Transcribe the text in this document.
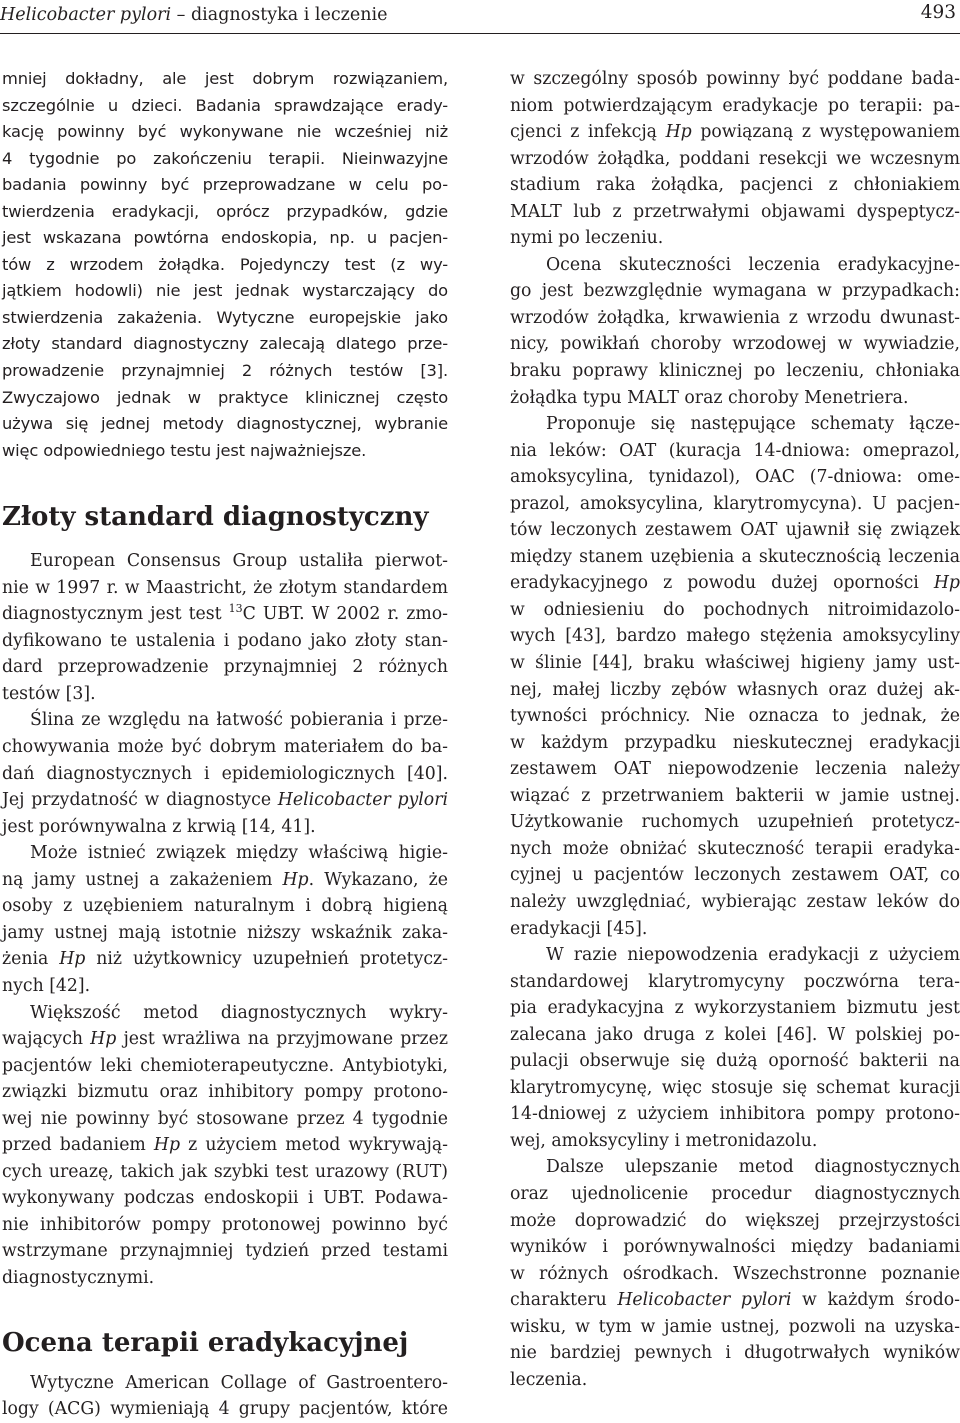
Helicobacter pylori – diagnostyka i leczenie	493
mniej dokładny, ale jest dobrym rozwiązaniem,
szczególnie u dzieci. Badania sprawdzające erady-
kację powinny być wykonywane nie wcześniej niż
4 tygodnie po zakończeniu terapii. Nieinwazyjne
badania powinny być przeprowadzane w celu po-
twierdzenia eradykacji, oprócz przypadków, gdzie
jest wskazana powtórna endoskopia, np. u pacjen-
tów z wrzodem żołądka. Pojedynczy test (z wy-
jątkiem hodowli) nie jest jednak wystarczający do
stwierdzenia zakażenia. Wytyczne europejskie jako
złoty standard diagnostyczny zalecają dlatego prze-
prowadzenie przynajmniej 2 różnych testów [3].
Zwyczajowo jednak w praktyce klinicznej często
używa się jednej metody diagnostycznej, wybranie
więc odpowiedniego testu jest najważniejsze.
Złoty standard diagnostyczny
European Consensus Group ustaliła pierwot-
nie w 1997 r. w Maastricht, że złotym standardem
diagnostycznym jest test $^{13}$C UBT. W 2002 r. zmo-
dyfikowano te ustalenia i podano jako złoty stan-
dard przeprowadzenie przynajmniej 2 różnych
testów [3].
Ślina ze względu na łatwość pobierania i prze-
chowywania może być dobrym materiałem do ba-
dań diagnostycznych i epidemiologicznych [40].
Jej przydatność w diagnostyce Helicobacter pylori
jest porównywalna z krwią [14, 41].
Może istnieć związek między właściwą higie-
ną jamy ustnej a zakażeniem Hp. Wykazano, że
osoby z uzębieniem naturalnym i dobrą higieną
jamy ustnej mają istotnie niższy wskaźnik zaka-
żenia Hp niż użytkownicy uzupełnień protetycz-
nych [42].
Większość metod diagnostycznych wykry-
wających Hp jest wrażliwa na przyjmowane przez
pacjentów leki chemioterapeutyczne. Antybiotyki,
związki bizmutu oraz inhibitory pompy protono-
wej nie powinny być stosowane przez 4 tygodnie
przed badaniem Hp z użyciem metod wykrywają-
cych ureazę, takich jak szybki test urazowy (RUT)
wykonywany podczas endoskopii i UBT. Podawa-
nie inhibitorów pompy protonowej powinno być
wstrzymane przynajmniej tydzień przed testami
diagnostycznymi.
Ocena terapii eradykacyjnej
Wytyczne American Collage of Gastroentero-
logy (ACG) wymieniają 4 grupy pacjentów, które
w szczególny sposób powinny być poddane bada-
niom potwierdzającym eradykacje po terapii: pa-
cjenci z infekcją Hp powiązaną z występowaniem
wrzodów żołądka, poddani resekcji we wczesnym
stadium raka żołądka, pacjenci z chłoniakiem
MALT lub z przetrwałymi objawami dyspeptycz-
nymi po leczeniu.
Ocena skuteczności leczenia eradykacyjne-
go jest bezwzględnie wymagana w przypadkach:
wrzodów żołądka, krwawienia z wrzodu dwunast-
nicy, powikłań choroby wrzodowej w wywiadzie,
braku poprawy klinicznej po leczeniu, chłoniaka
żołądka typu MALT oraz choroby Menetriera.
Proponuje się następujące schematy łącze-
nia leków: OAT (kuracja 14-dniowa: omeprazol,
amoksycylina, tynidazol), OAC (7-dniowa: ome-
prazol, amoksycylina, klarytromycyna). U pacjen-
tów leczonych zestawem OAT ujawnił się związek
między stanem uzębienia a skutecznością leczenia
eradykacyjnego z powodu dużej oporności Hp
w odniesieniu do pochodnych nitroimidazolo-
wych [43], bardzo małego stężenia amoksycyliny
w ślinie [44], braku właściwej higieny jamy ust-
nej, małej liczby zębów własnych oraz dużej ak-
tywności próchnicy. Nie oznacza to jednak, że
w każdym przypadku nieskutecznej eradykacji
zestawem OAT niepowodzenie leczenia należy
wiązać z przetrwaniem bakterii w jamie ustnej.
Użytkowanie ruchomych uzupełnień protetycz-
nych może obniżać skuteczność terapii eradyka-
cyjnej u pacjentów leczonych zestawem OAT, co
należy uwzględniać, wybierając zestaw leków do
eradykacji [45].
W razie niepowodzenia eradykacji z użyciem
standardowej klarytromycyny poczwórna tera-
pia eradykacyjna z wykorzystaniem bizmutu jest
zalecana jako druga z kolei [46]. W polskiej po-
pulacji obserwuje się dużą oporność bakterii na
klarytromycynę, więc stosuje się schemat kuracji
14-dniowej z użyciem inhibitora pompy protono-
wej, amoksycyliny i metronidazolu.
Dalsze ulepszanie metod diagnostycznych
oraz ujednolicenie procedur diagnostycznych
może doprowadzić do większej przejrzystości
wyników i porównywalności między badaniami
w różnych ośrodkach. Wszechstronne poznanie
charakteru Helicobacter pylori w każdym środo-
wisku, w tym w jamie ustnej, pozwoli na uzyska-
nie bardziej pewnych i długotrwałych wyników
leczenia.
